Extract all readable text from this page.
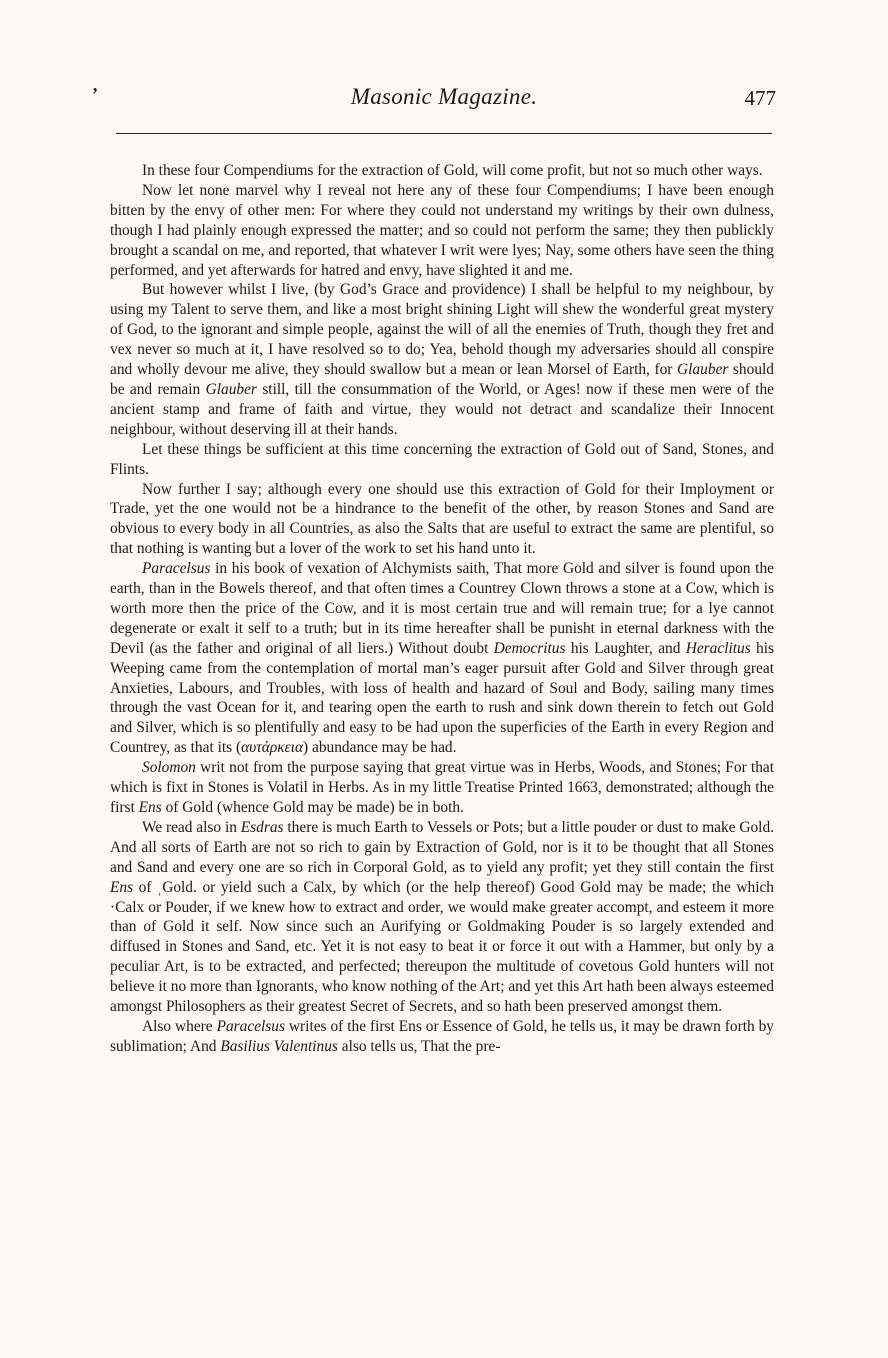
’	Masonic Magazine.	477

In these four Compendiums for the extraction of Gold, will come profit, but not so much other ways.

Now let none marvel why I reveal not here any of these four Compendiums; I have been enough bitten by the envy of other men: For where they could not understand my writings by their own dulness, though I had plainly enough expressed the matter; and so could not perform the same; they then publickly brought a scandal on me, and reported, that whatever I writ were lyes; Nay, some others have seen the thing performed, and yet afterwards for hatred and envy, have slighted it and me.

But however whilst I live, (by God’s Grace and providence) I shall be helpful to my neighbour, by using my Talent to serve them, and like a most bright shining Light will shew the wonderful great mystery of God, to the ignorant and simple people, against the will of all the enemies of Truth, though they fret and vex never so much at it, I have resolved so to do; Yea, behold though my adversaries should all conspire and wholly devour me alive, they should swallow but a mean or lean Morsel of Earth, for Glauber should be and remain Glauber still, till the consummation of the World, or Ages! now if these men were of the ancient stamp and frame of faith and virtue, they would not detract and scandalize their Innocent neighbour, without deserving ill at their hands.

Let these things be sufficient at this time concerning the extraction of Gold out of Sand, Stones, and Flints.

Now further I say; although every one should use this extraction of Gold for their Imployment or Trade, yet the one would not be a hindrance to the benefit of the other, by reason Stones and Sand are obvious to every body in all Countries, as also the Salts that are useful to extract the same are plentiful, so that nothing is wanting but a lover of the work to set his hand unto it.

Paracelsus in his book of vexation of Alchymists saith, That more Gold and silver is found upon the earth, than in the Bowels thereof, and that often times a Countrey Clown throws a stone at a Cow, which is worth more then the price of the Cow, and it is most certain true and will remain true; for a lye cannot degenerate or exalt it self to a truth; but in its time hereafter shall be punisht in eternal darkness with the Devil (as the father and original of all liers.) Without doubt Democritus his Laughter, and Heraclitus his Weeping came from the contemplation of mortal man’s eager pursuit after Gold and Silver through great Anxieties, Labours, and Troubles, with loss of health and hazard of Soul and Body, sailing many times through the vast Ocean for it, and tearing open the earth to rush and sink down therein to fetch out Gold and Silver, which is so plentifully and easy to be had upon the superficies of the Earth in every Region and Countrey, as that its (αυτάρκεια) abundance may be had.

Solomon writ not from the purpose saying that great virtue was in Herbs, Woods, and Stones; For that which is fixt in Stones is Volatil in Herbs. As in my little Treatise Printed 1663, demonstrated; although the first Ens of Gold (whence Gold may be made) be in both.

We read also in Esdras there is much Earth to Vessels or Pots; but a little pouder or dust to make Gold. And all sorts of Earth are not so rich to gain by Extraction of Gold, nor is it to be thought that all Stones and Sand and every one are so rich in Corporal Gold, as to yield any profit; yet they still contain the first Ens of ˌGold. or yield such a Calx, by which (or the help thereof) Good Gold may be made; the which ·Calx or Pouder, if we knew how to extract and order, we would make greater accompt, and esteem it more than of Gold it self. Now since such an Aurifying or Goldmaking Pouder is so largely extended and diffused in Stones and Sand, etc. Yet it is not easy to beat it or force it out with a Hammer, but only by a peculiar Art, is to be extracted, and perfected; thereupon the multitude of covetous Gold hunters will not believe it no more than Ignorants, who know nothing of the Art; and yet this Art hath been always esteemed amongst Philosophers as their greatest Secret of Secrets, and so hath been preserved amongst them.

Also where Paracelsus writes of the first Ens or Essence of Gold, he tells us, it may be drawn forth by sublimation; And Basilius Valentinus also tells us, That the pre-
